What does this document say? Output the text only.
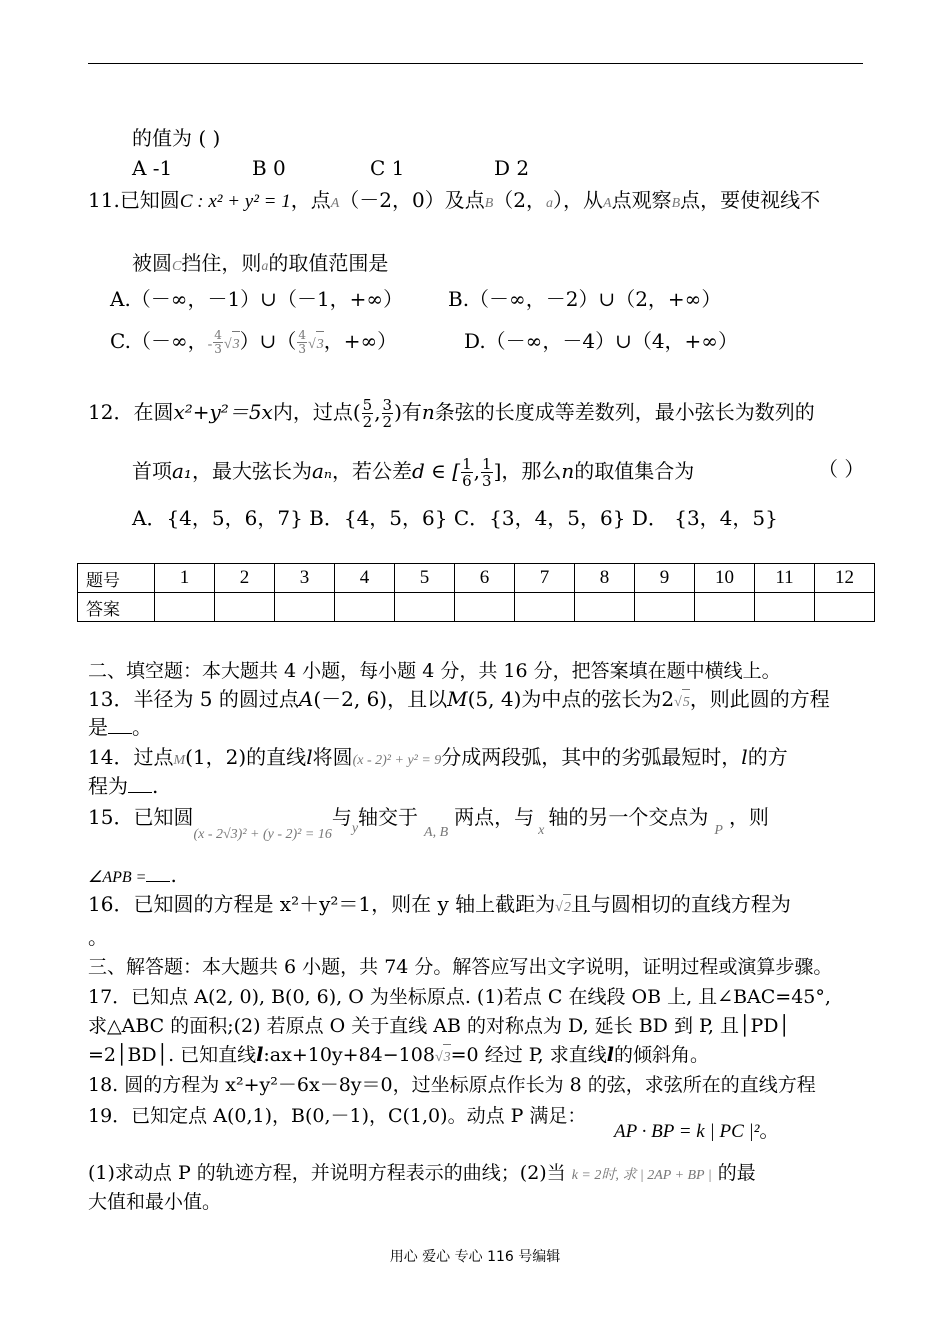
的值为 ( )
A -1	B 0	C 1	D 2
11.已知圆C : x² + y² = 1，点A（－2，0）及点B（2，a），从A点观察B点，要使视线不
被圆C挡住，则a的取值范围是
A.（－∞，－1）∪（－1，+∞） B.（－∞，－2）∪（2，+∞）
C.（－∞，- $\frac{4}{3}$ √3）∪（ $\frac{4}{3} √3$，+∞）	D.（－∞，－4）∪（4，+∞）
12．在圆x²+y²＝5x内，过点( $\frac{5}{2}$ , $\frac{3}{2}$ )有n条弦的长度成等差数列，最小弦长为数列的
首项a₁，最大弦长为aₙ，若公差d ∈ [ $\frac{1}{6}$ , $\frac{1}{3}$ ]，那么n的取值集合为	（ ）
A．{4，5，6，7} B．{4，5，6} C．{3，4，5，6} D． {3，4，5}
题号	1	2	3	4	5	6	7	8	9	10	11	12
答案												
二、填空题：本大题共 4 小题，每小题 4 分，共 16 分，把答案填在题中横线上。
13．半径为 5 的圆过点A(－2, 6)，且以M(5, 4)为中点的弦长为2√5，则此圆的方程
是 。
14．过点M(1，2)的直线l将圆(x - 2)² + y² = 9分成两段弧，其中的劣弧最短时，l的方
程为 .
15．已知圆$_{(x - 2√3)^2 + (y - 2)^2 = 16}$与$_y$轴交于$_{A, B}$两点，与$_x$轴的另一个交点为$_P$，则
∠APB = .
16．已知圆的方程是 x²＋y²＝1，则在 y 轴上截距为√2且与圆相切的直线方程为
。
三、解答题：本大题共 6 小题，共 74 分。解答应写出文字说明，证明过程或演算步骤。
17．已知点 A(2, 0), B(0, 6), O 为坐标原点. (1)若点 C 在线段 OB 上, 且∠BAC=45°,
求△ABC 的面积;(2) 若原点 O 关于直线 AB 的对称点为 D, 延长 BD 到 P, 且│PD│
=2│BD│. 已知直线l:ax+10y+84−108√3=0 经过 P, 求直线l的倾斜角。
18. 圆的方程为 x²+y²－6x－8y＝0，过坐标原点作长为 8 的弦，求弦所在的直线方程
19．已知定点 A(0,1)，B(0,－1)，C(1,0)。动点 P 满足：
AP · BP = k | PC |²。
(1)求动点 P 的轨迹方程，并说明方程表示的曲线；(2)当 k = 2时, 求 | 2AP + BP | 的最
大值和最小值。
用心 爱心 专心 116 号编辑
